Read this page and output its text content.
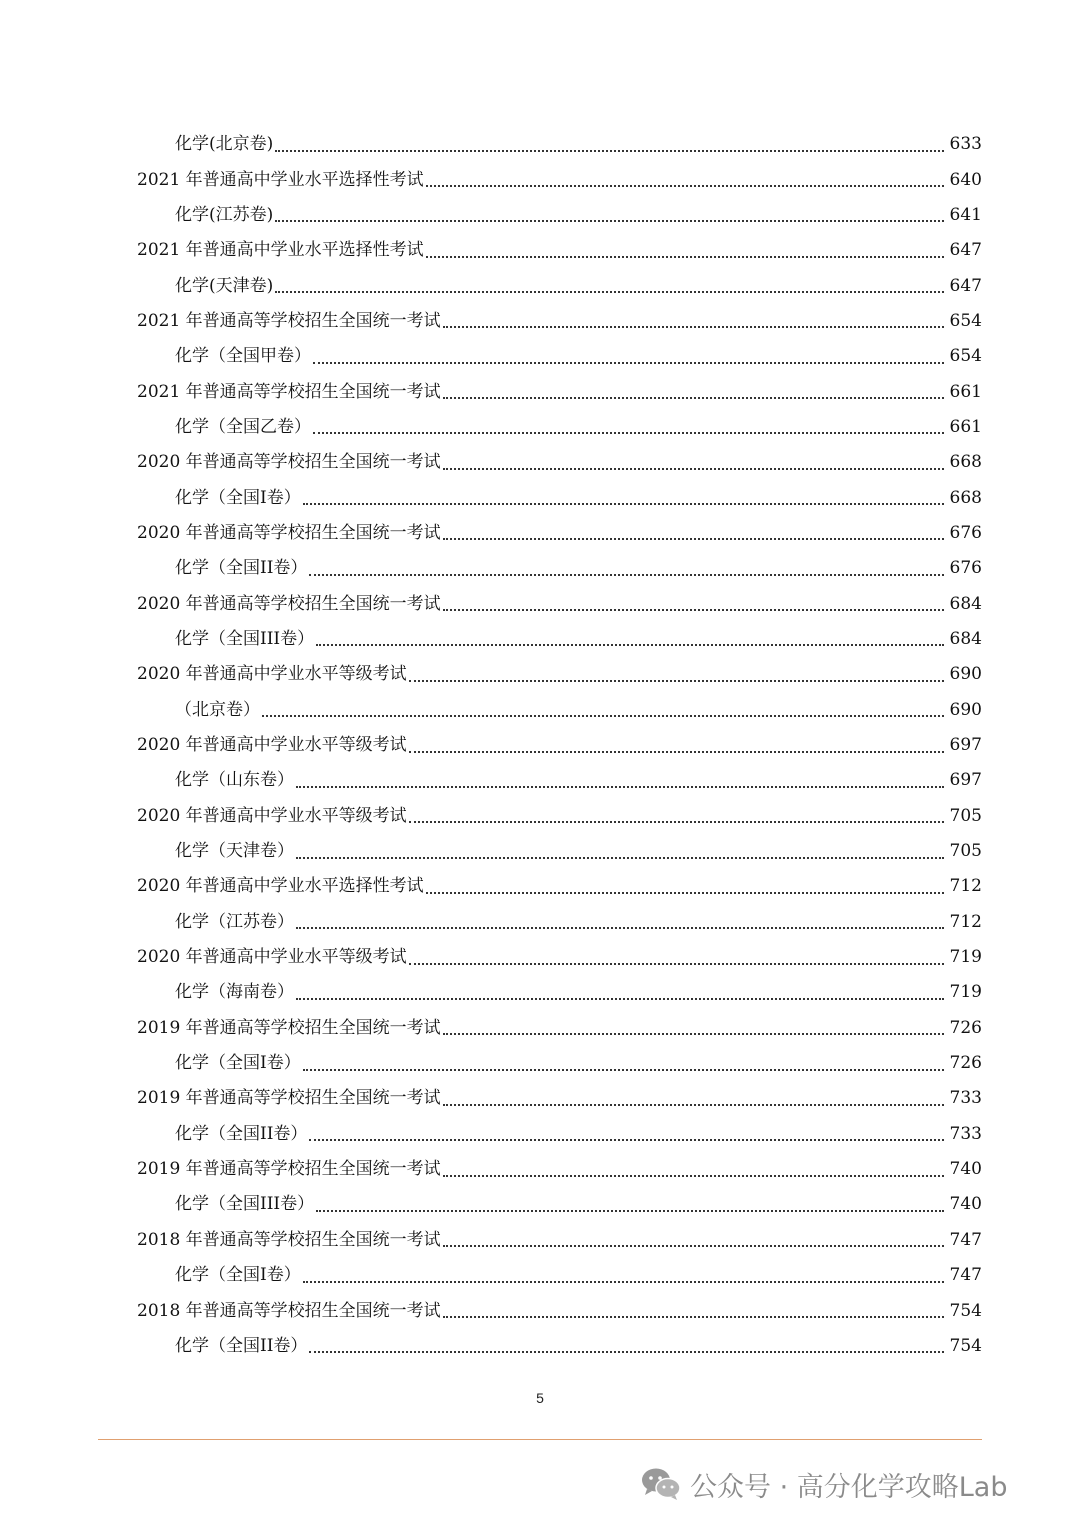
化学(北京卷)	633
2021 年普通高中学业水平选择性考试	640
化学(江苏卷)	641
2021 年普通高中学业水平选择性考试	647
化学(天津卷)	647
2021 年普通高等学校招生全国统一考试	654
化学（全国甲卷）	654
2021 年普通高等学校招生全国统一考试	661
化学（全国乙卷）	661
2020 年普通高等学校招生全国统一考试	668
化学（全国I卷）	668
2020 年普通高等学校招生全国统一考试	676
化学（全国II卷）	676
2020 年普通高等学校招生全国统一考试	684
化学（全国III卷）	684
2020 年普通高中学业水平等级考试	690
（北京卷）	690
2020 年普通高中学业水平等级考试	697
化学（山东卷）	697
2020 年普通高中学业水平等级考试	705
化学（天津卷）	705
2020 年普通高中学业水平选择性考试	712
化学（江苏卷）	712
2020 年普通高中学业水平等级考试	719
化学（海南卷）	719
2019 年普通高等学校招生全国统一考试	726
化学（全国I卷）	726
2019 年普通高等学校招生全国统一考试	733
化学（全国II卷）	733
2019 年普通高等学校招生全国统一考试	740
化学（全国III卷）	740
2018 年普通高等学校招生全国统一考试	747
化学（全国I卷）	747
2018 年普通高等学校招生全国统一考试	754
化学（全国II卷）	754
5
公众号 · 高分化学攻略Lab
